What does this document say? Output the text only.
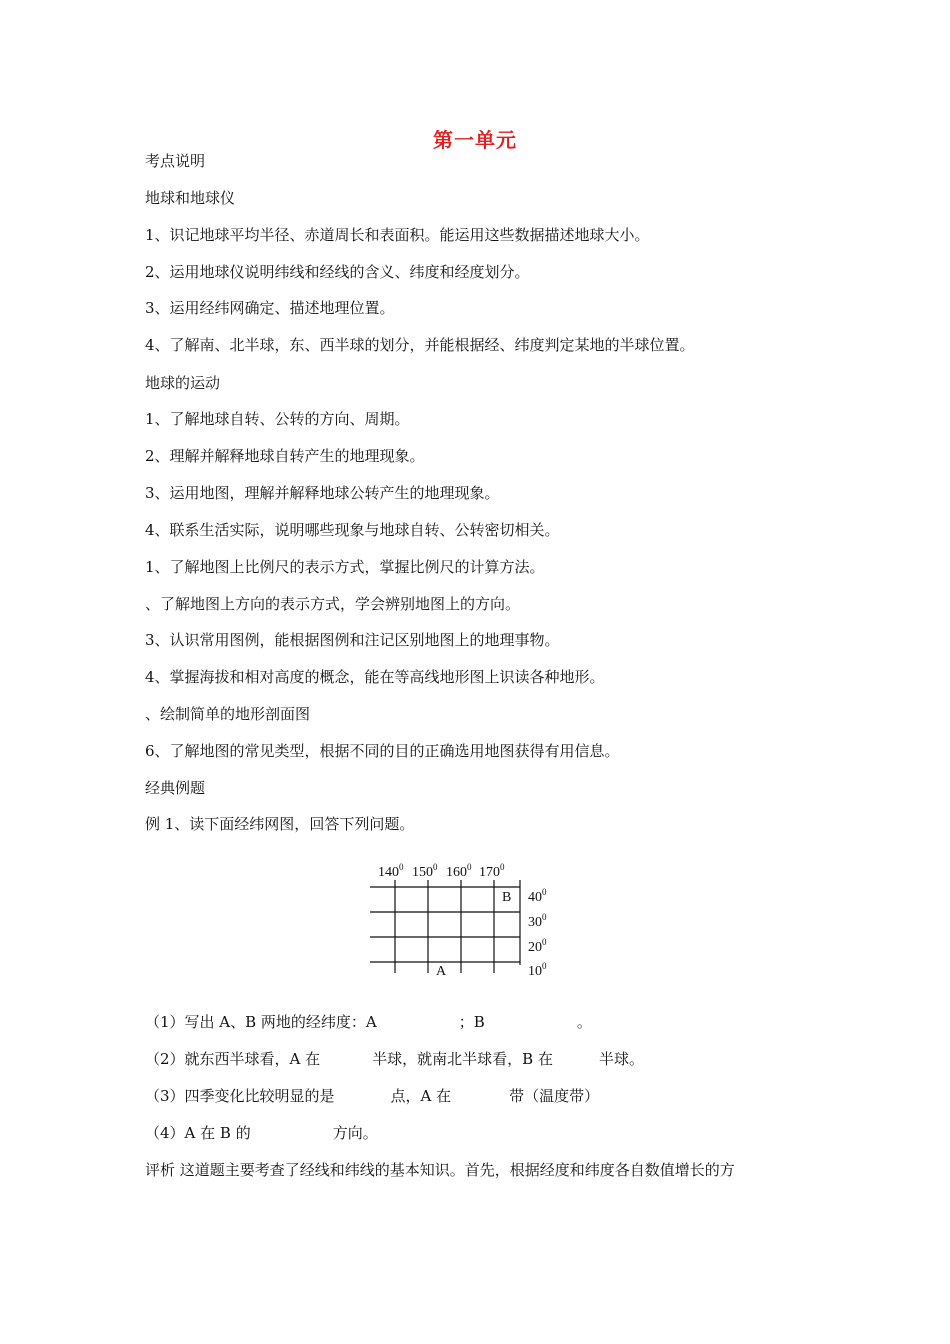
第一单元
考点说明
地球和地球仪
1、识记地球平均半径、赤道周长和表面积。能运用这些数据描述地球大小。
2、运用地球仪说明纬线和经线的含义、纬度和经度划分。
3、运用经纬网确定、描述地理位置。
4、了解南、北半球，东、西半球的划分，并能根据经、纬度判定某地的半球位置。
地球的运动
1、了解地球自转、公转的方向、周期。
2、理解并解释地球自转产生的地理现象。
3、运用地图，理解并解释地球公转产生的地理现象。
4、联系生活实际，说明哪些现象与地球自转、公转密切相关。
1、了解地图上比例尺的表示方式，掌握比例尺的计算方法。
、了解地图上方向的表示方式，学会辨别地图上的方向。
3、认识常用图例，能根据图例和注记区别地图上的地理事物。
4、掌握海拔和相对高度的概念，能在等高线地形图上识读各种地形。
、绘制简单的地形剖面图
6、了解地图的常见类型，根据不同的目的正确选用地图获得有用信息。
经典例题
例 1、读下面经纬网图，回答下列问题。
$140^0$ $150^0$ $160^0$ $170^0$
$40^0$
$30^0$
$20^0$
$10^0$
B
A
（1）写出 A、B 两地的经纬度：A	；B	。
（2）就东西半球看，A 在	半球，就南北半球看，B 在	半球。
（3）四季变化比较明显的是	点，A 在	带（温度带）
（4）A 在 B 的	方向。
评析 这道题主要考查了经线和纬线的基本知识。首先，根据经度和纬度各自数值增长的方
